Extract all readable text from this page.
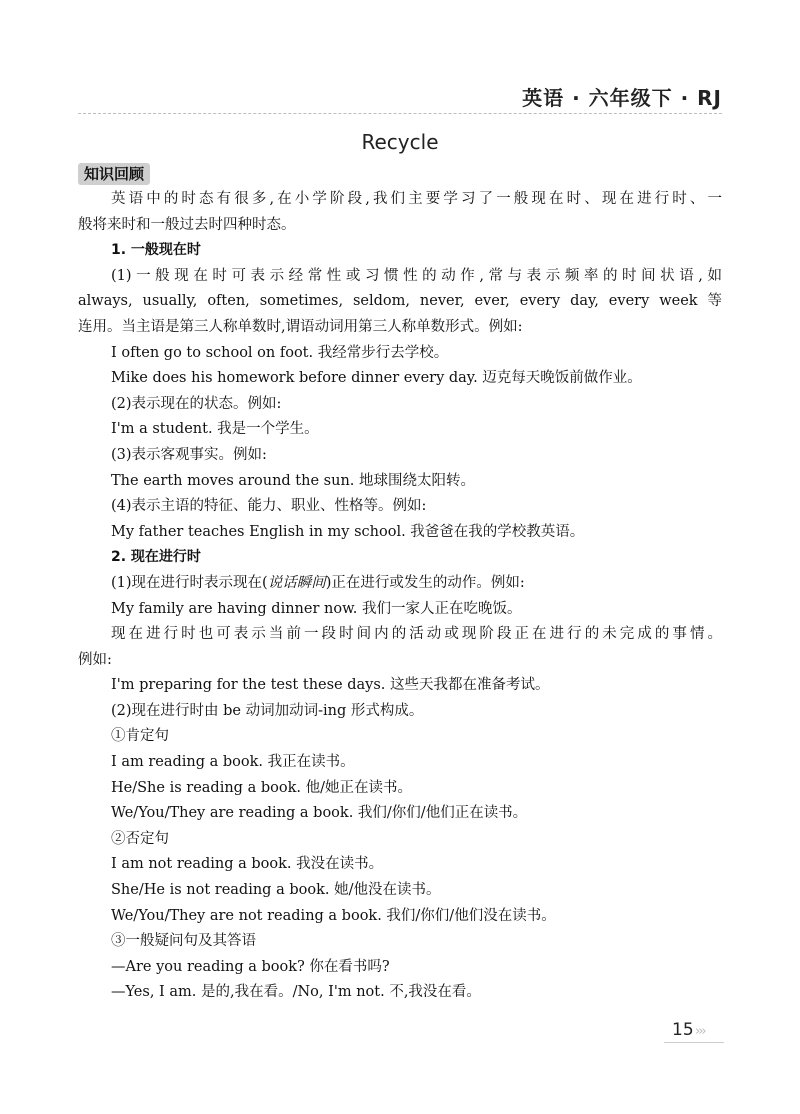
英语 · 六年级下 · RJ
Recycle
知识回顾
英语中的时态有很多,在小学阶段,我们主要学习了一般现在时、现在进行时、一
般将来时和一般过去时四种时态。
1. 一般现在时
(1)一般现在时可表示经常性或习惯性的动作,常与表示频率的时间状语,如
always, usually, often, sometimes, seldom, never, ever, every day, every week 等
连用。当主语是第三人称单数时,谓语动词用第三人称单数形式。例如:
I often go to school on foot. 我经常步行去学校。
Mike does his homework before dinner every day. 迈克每天晚饭前做作业。
(2)表示现在的状态。例如:
I'm a student. 我是一个学生。
(3)表示客观事实。例如:
The earth moves around the sun. 地球围绕太阳转。
(4)表示主语的特征、能力、职业、性格等。例如:
My father teaches English in my school. 我爸爸在我的学校教英语。
2. 现在进行时
(1)现在进行时表示现在(说话瞬间)正在进行或发生的动作。例如:
My family are having dinner now. 我们一家人正在吃晚饭。
现在进行时也可表示当前一段时间内的活动或现阶段正在进行的未完成的事情。
例如:
I'm preparing for the test these days. 这些天我都在准备考试。
(2)现在进行时由 be 动词加动词-ing 形式构成。
①肯定句
I am reading a book. 我正在读书。
He/She is reading a book. 他/她正在读书。
We/You/They are reading a book. 我们/你们/他们正在读书。
②否定句
I am not reading a book. 我没在读书。
She/He is not reading a book. 她/他没在读书。
We/You/They are not reading a book. 我们/你们/他们没在读书。
③一般疑问句及其答语
—Are you reading a book? 你在看书吗?
—Yes, I am. 是的,我在看。/No, I'm not. 不,我没在看。
15 ›››
